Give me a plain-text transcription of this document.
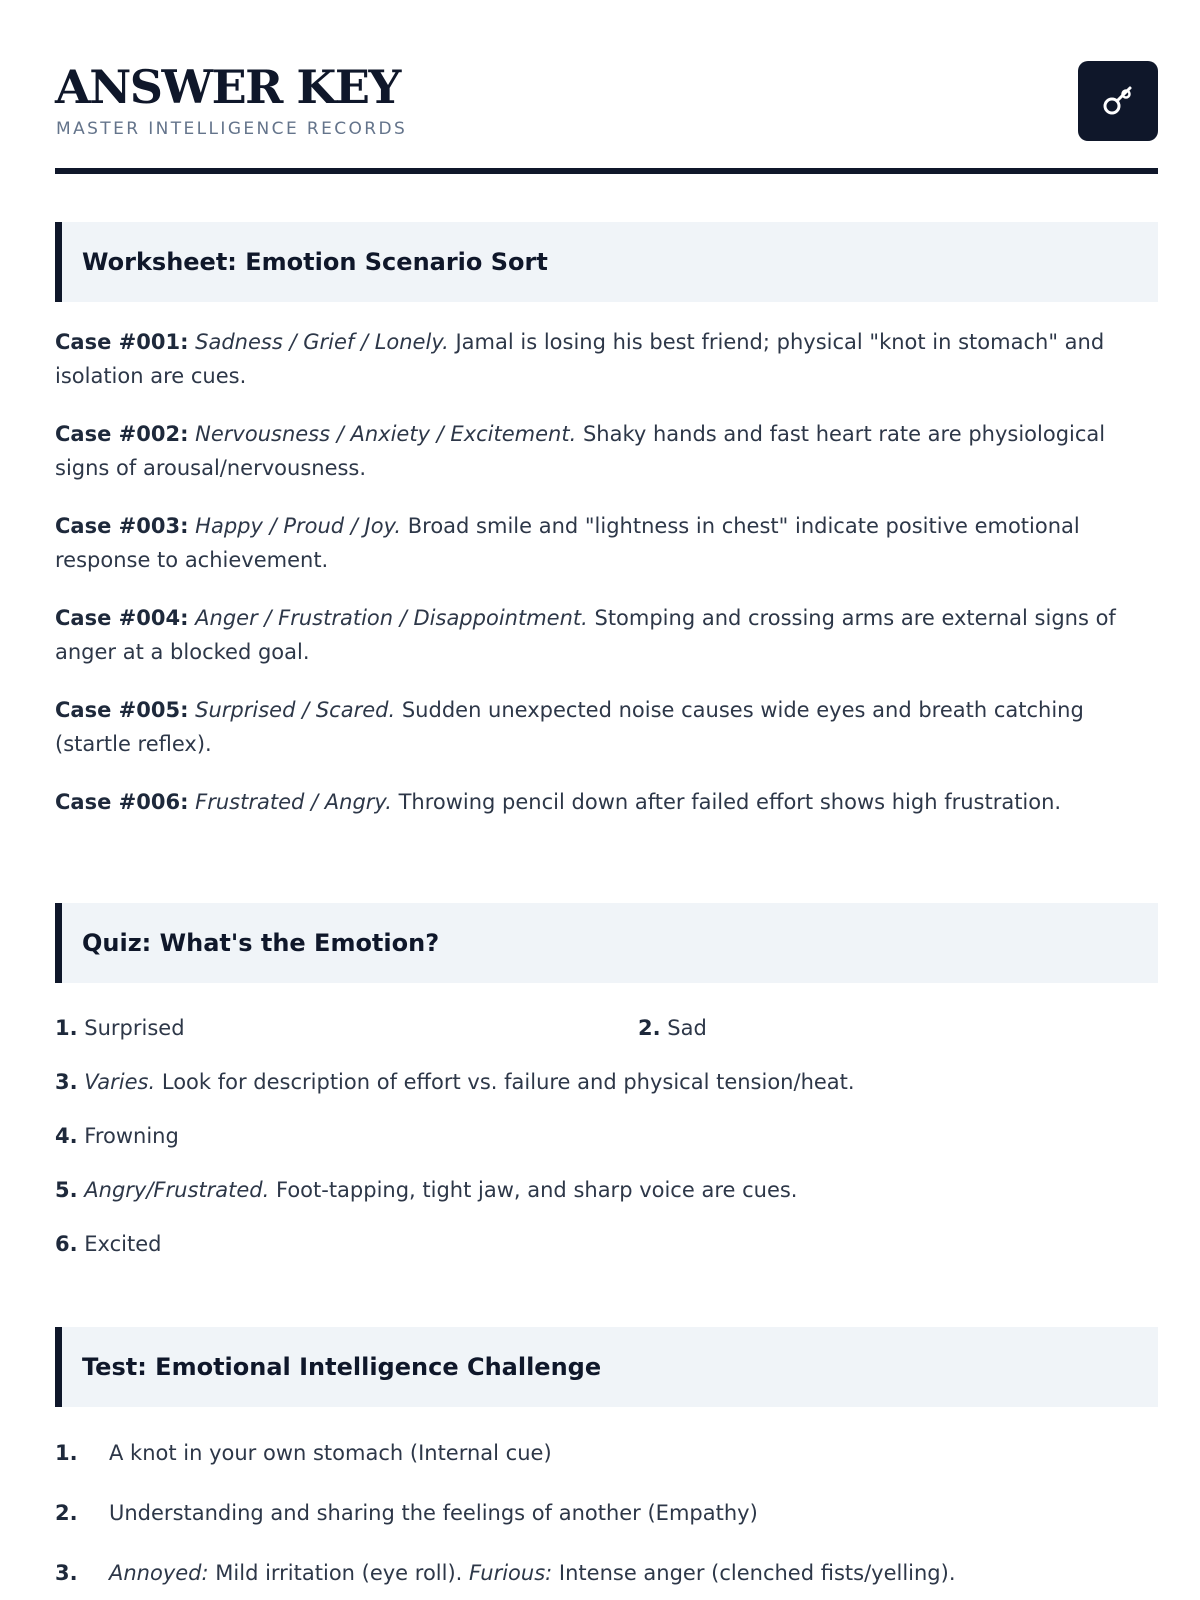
ANSWER KEY
MASTER INTELLIGENCE RECORDS
Worksheet: Emotion Scenario Sort
Case #001: Sadness / Grief / Lonely. Jamal is losing his best friend; physical "knot in stomach" and isolation are cues.
Case #002: Nervousness / Anxiety / Excitement. Shaky hands and fast heart rate are physiological signs of arousal/nervousness.
Case #003: Happy / Proud / Joy. Broad smile and "lightness in chest" indicate positive emotional response to achievement.
Case #004: Anger / Frustration / Disappointment. Stomping and crossing arms are external signs of anger at a blocked goal.
Case #005: Surprised / Scared. Sudden unexpected noise causes wide eyes and breath catching (startle reflex).
Case #006: Frustrated / Angry. Throwing pencil down after failed effort shows high frustration.
Quiz: What's the Emotion?
1. Surprised	2. Sad
3. Varies. Look for description of effort vs. failure and physical tension/heat.
4. Frowning
5. Angry/Frustrated. Foot-tapping, tight jaw, and sharp voice are cues.
6. Excited
Test: Emotional Intelligence Challenge
1. A knot in your own stomach (Internal cue)
2. Understanding and sharing the feelings of another (Empathy)
3. Annoyed: Mild irritation (eye roll). Furious: Intense anger (clenched fists/yelling).
